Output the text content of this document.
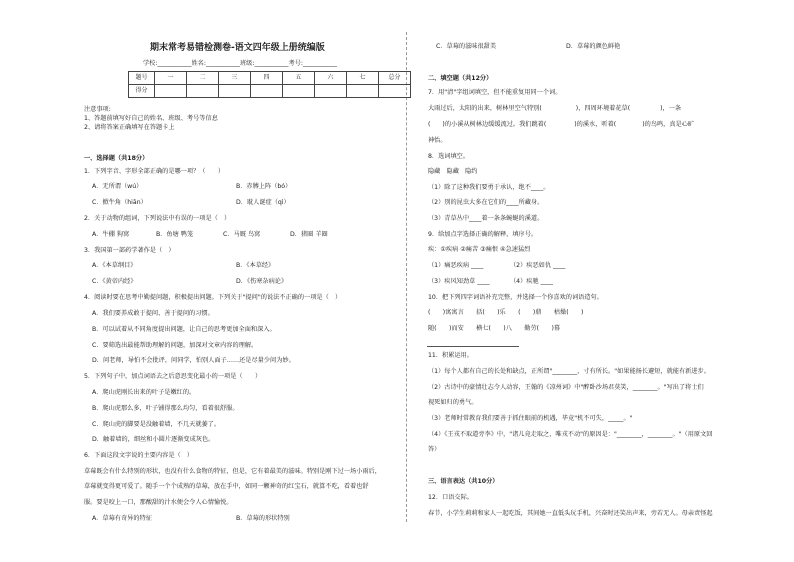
期末常考易错检测卷-语文四年级上册统编版
学校:___________姓名:___________班级:___________考号:___________
题号	一	二	三	四	五	六	七	总分
得分								
注意事项:
1、答题前填写好自己的姓名、班级、考号等信息
2、请将答案正确填写在答题卡上
一、选择题（共18分）
1．下列字音、字形全部正确的是哪一项？（　　）
A．无所谓（wú）	B．赤膊上阵（bó）
C．掀牛角（hiān）	D．耽人诞症（qì）
2．关于动物的组词，下列说法中有误的一项是（　）
A．牛棚 狗窝	B．鱼塘 鸭笼	C．马厩 鸟窝	D．猪圈 羊圈
3．我国第一部药学著作是（　）
A．《本草纲目》	B．《本草经》
C．《黄帝内经》	D．《伤寒杂病论》
4．阅读时要在思考中勤提问题，积极提出问题。下列关于"提问"的说法不正确的一项是（　）
A．我们要养成敢于提问、善于提问的习惯。
B．可以试着从不同角度提出问题，让自己的思考更加全面和深入。
C．要筛选出最能帮助理解的问题，加深对文章内容的理解。
D．问老师，导怕不会批评，问同学，怕别人面子……还是尽量少问为妙。
5．下列句子中，加点词语去之后意思变化最小的一项是（　　）
A．爬山虎刚长出来的叶子是嫩红的。
B．爬山虎那么多，叶子铺得那么均匀，看着很舒服。
C．爬山虎的脚要是没触着墙，不几天就萎了。
D．触着墙的，细丝和小圆片逐渐变成灰色。
6．下面这段文字说的主要内容是（　）
草莓既会有什么特别的形状，也没有什么食物的特征，但是，它有着最美的滋味。特别是刚下过一场小雨后，
草莓就变得更可爱了。随手一个个成熟的草莓，放在手中，如同一颗神奇的红宝石，就算不吃，看着也舒
服。要是咬上一口，那酸甜的汁水便会令人心情愉悦。
A．草莓有奇异的特征	B．草莓的形状特别
C．草莓的滋味很甜美	D．草莓的颜色鲜艳
二、填空题（共12分）
7．用"清"字组词填空，但不能重复用同一个词。
大雨过后，太阳的出来，树林里空气特别(	)，四周环境着花草(	)，一条
( )的小溪从树林边缓缓流过。我们跳着(	)的溪水，听着(	)的鸟鸣，真是心旷
神怡。
8．选词填空。
隐藏　隐藏　隐约
（1）除了这种我们要勇于承认，绝不____。
（2）别的昆虫大多在它们的____所藏身。
（3）青草丛中____着一条条蜿蜒的溪道。
9．给加点字选择正确的解释，填序号。
疾：①疾病 ②痛苦 ③痛恨 ④急速猛烈
（1）痛恶疾病 ____	（2）疾恶如仇 ____
（3）疾风知劲草 ____	（4）疾驰 ____
10．把下列四字词语补充完整，并选择一个你喜欢的词语造句。
(　　)寓寓言　　括(　　)乐　　(　　)鼎　　枯燥(　　)
随(　　)而安　　横七(　　)八　　勤劳(　　)幕
11．积累运用。
（1）每个人都有自己的长处和缺点，正所谓"________，寸有所长。"如果能扬长避短，就能有新进步。
（2）古诗中的豪情壮志令人动容，王翰的《凉州词》中"醉卧沙场君莫笑，________。"写出了将士们
视死如归的勇气。
（3）老师时常教育我们要善于抓住眼前的机遇，毕竟"机不可失，_____。"
（4）《王戎不取道旁李》中，"诸儿竟走取之，唯戎不动"的原因是："________，________。"（用原文回
答）
三、语言表达（共10分）
12．口语交际。
春节，小学生莉莉和家人一起吃饭，其间她一直低头玩手机，兴奋时还笑出声来，旁若无人。母亲责怪起
